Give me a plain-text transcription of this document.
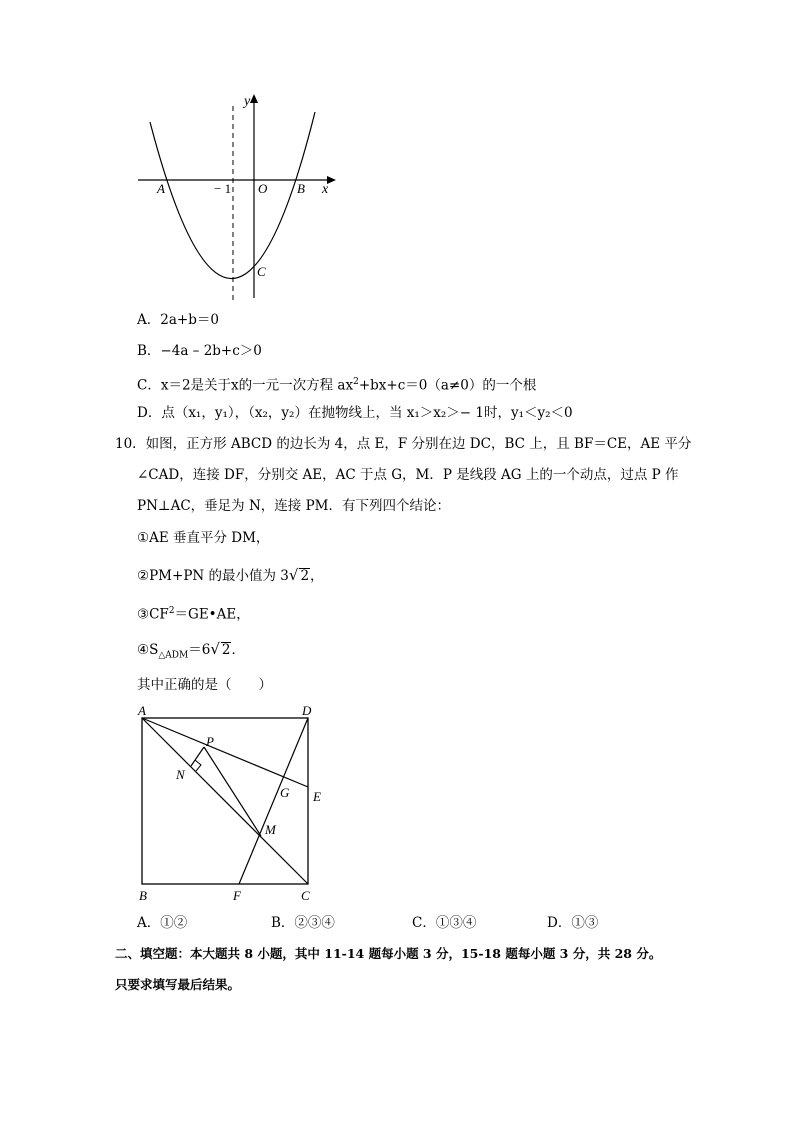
y
x
A	− 1 O B
C
A．2a+b＝0
B．−4a – 2b+c＞0
C．x＝2是关于x的一元一次方程 $ax^2+bx+c=0(a\ne 0)$的一个根
D．点（x₁，y₁），（x₂，y₂）在抛物线上，当 x₁＞x₂＞− 1时，y₁＜y₂＜0
10．如图，正方形 ABCD 的边长为 4，点 E，F 分别在边 DC，BC 上，且 BF＝CE，AE 平分
∠CAD，连接 DF，分别交 AE，AC 于点 G，M．P 是线段 AG 上的一个动点，过点 P 作
PN⊥AC，垂足为 N，连接 PM．有下列四个结论：
①AE 垂直平分 DM，
②PM+PN 的最小值为 3√ 2，
$③CF^2=GE•AE$，
$④S_{\triangle ADM}=6√$ 2．
其中正确的是（　　）
A	D
P
N
G E
M
B	F	C
A．①②	B．②③④	C．①③④	D．①③
二、填空题：本大题共 8 小题，其中 11-14 题每小题 3 分，15-18 题每小题 3 分，共 28 分。
只要求填写最后结果。
